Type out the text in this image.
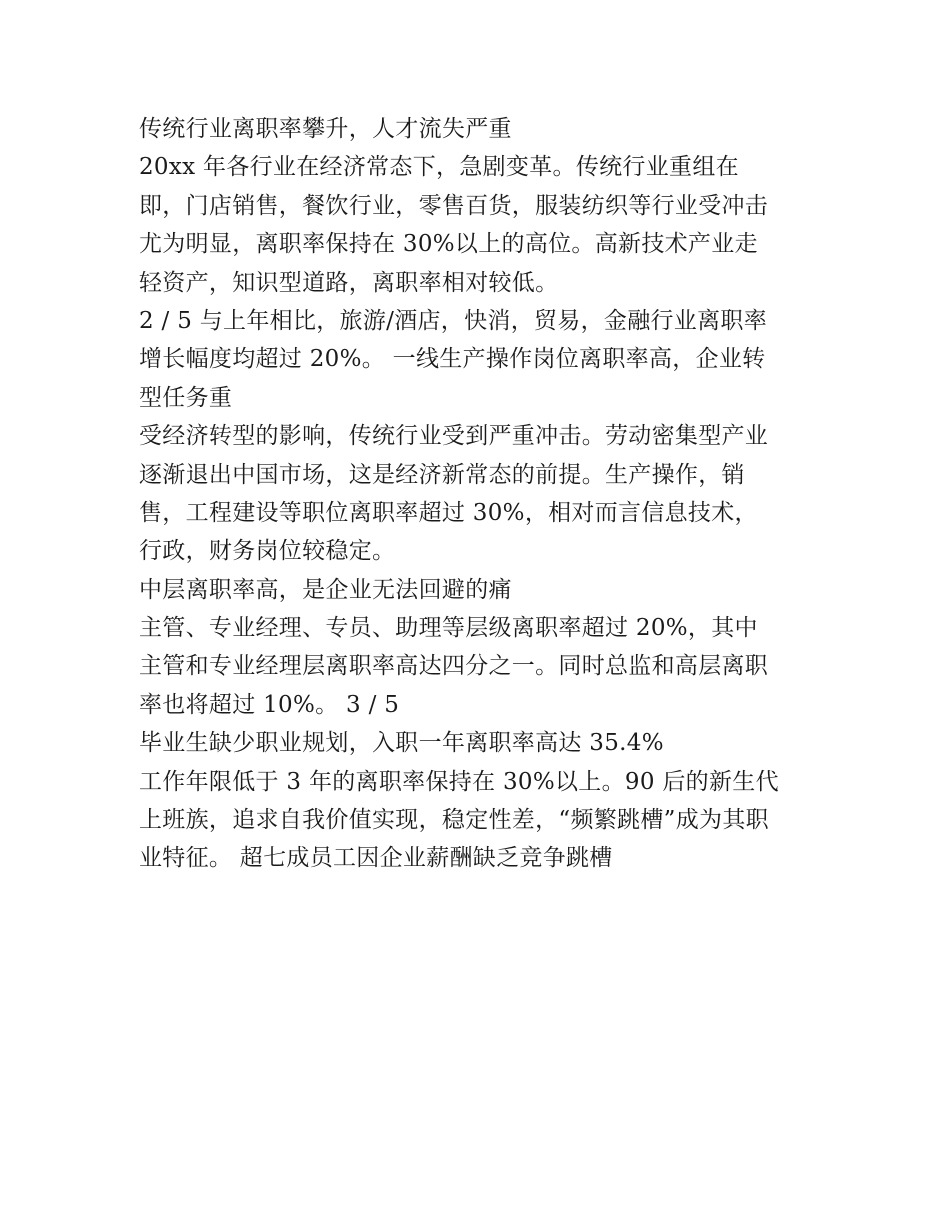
传统行业离职率攀升，人才流失严重
20xx 年各行业在经济常态下，急剧变革。传统行业重组在
即，门店销售，餐饮行业，零售百货，服装纺织等行业受冲击
尤为明显，离职率保持在 30%以上的高位。高新技术产业走
轻资产，知识型道路，离职率相对较低。
2 / 5 与上年相比，旅游/酒店，快消，贸易，金融行业离职率
增长幅度均超过 20%。 一线生产操作岗位离职率高，企业转
型任务重
受经济转型的影响，传统行业受到严重冲击。劳动密集型产业
逐渐退出中国市场，这是经济新常态的前提。生产操作，销
售，工程建设等职位离职率超过 30%，相对而言信息技术，
行政，财务岗位较稳定。
中层离职率高，是企业无法回避的痛
主管、专业经理、专员、助理等层级离职率超过 20%，其中
主管和专业经理层离职率高达四分之一。同时总监和高层离职
率也将超过 10%。 3 / 5
毕业生缺少职业规划，入职一年离职率高达 35.4%
工作年限低于 3 年的离职率保持在 30%以上。90 后的新生代
上班族，追求自我价值实现，稳定性差，“频繁跳槽”成为其职
业特征。 超七成员工因企业薪酬缺乏竞争跳槽
